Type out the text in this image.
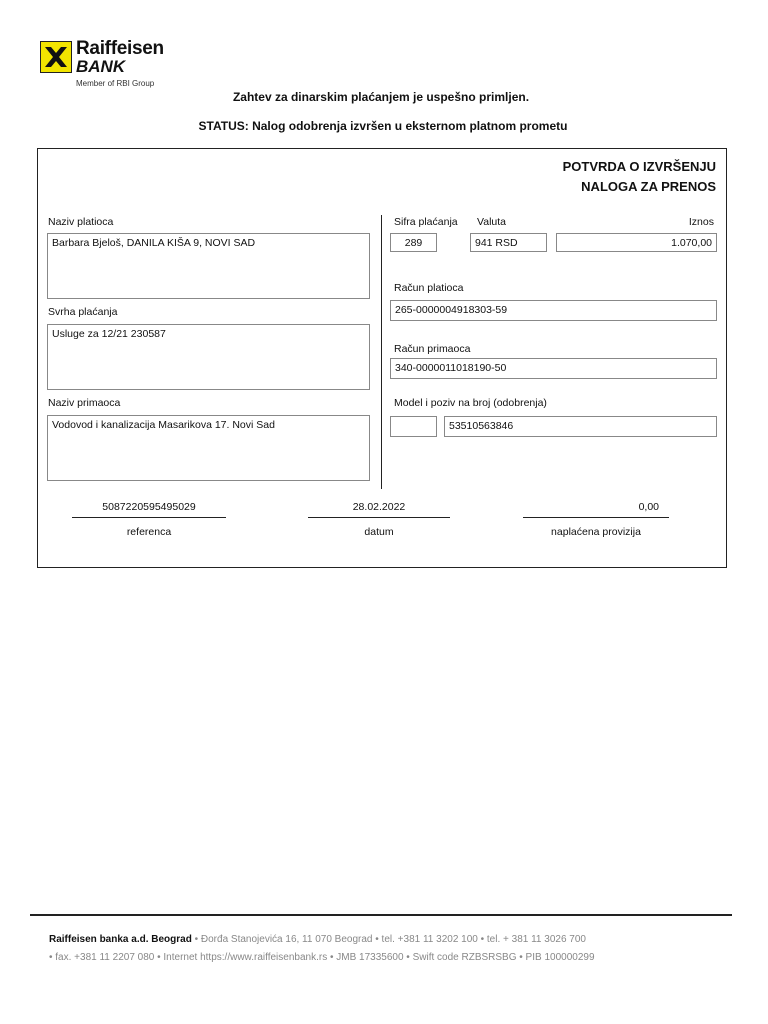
Raiffeisen
BANK
Member of RBI Group
Zahtev za dinarskim plaćanjem je uspešno primljen.
STATUS: Nalog odobrenja izvršen u eksternom platnom prometu
POTVRDA O IZVRŠENJU
NALOGA ZA PRENOS
Naziv platioca
Barbara Bjeloš, DANILA KIŠA 9, NOVI SAD
Svrha plaćanja
Usluge za 12/21 230587
Naziv primaoca
Vodovod i kanalizacija Masarikova 17. Novi Sad
Sifra plaćanja Valuta	Iznos
289	941 RSD	1.070,00
Račun platioca
265-0000004918303-59
Račun primaoca
340-0000011018190-50
Model i poziv na broj (odobrenja)
53510563846
5087220595495029
referenca
28.02.2022
datum
0,00
naplaćena provizija
Raiffeisen banka a.d. Beograd • Đorđa Stanojevića 16, 11 070 Beograd • tel. +381 11 3202 100 • tel. + 381 11 3026 700
• fax. +381 11 2207 080 • Internet https://www.raiffeisenbank.rs • JMB 17335600 • Swift code RZBSRSBG • PIB 100000299
